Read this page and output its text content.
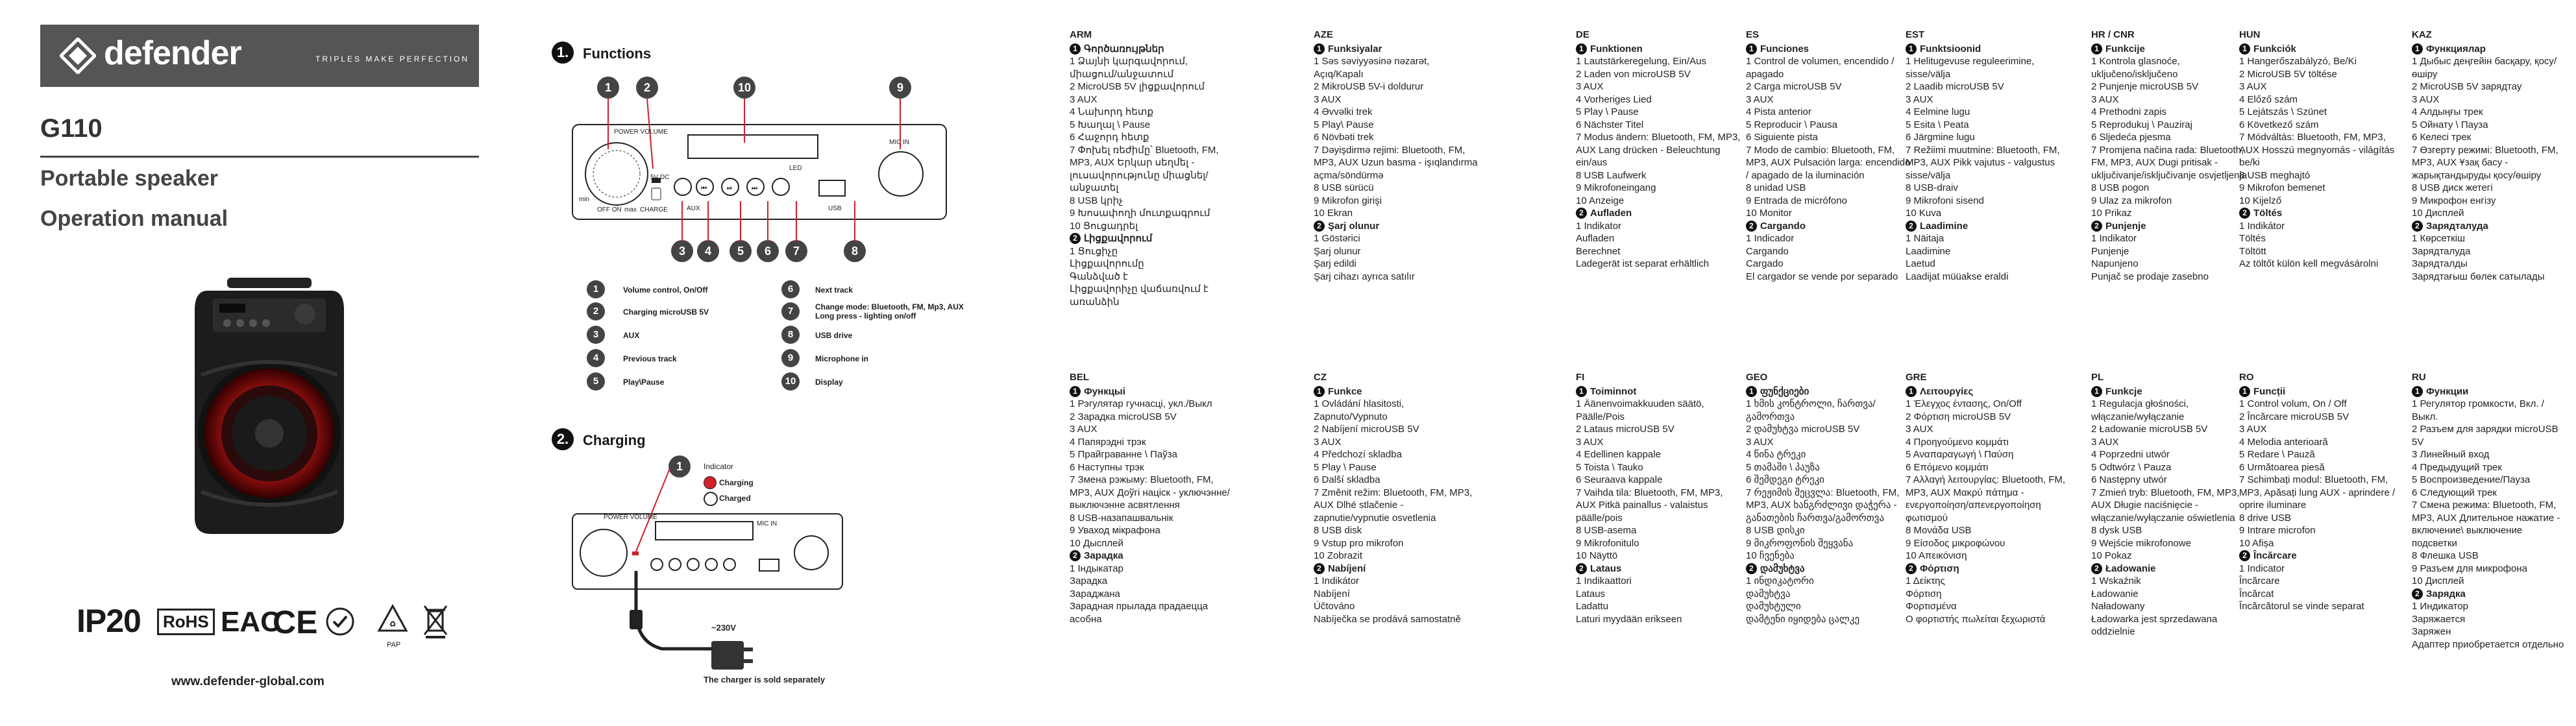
defender	TRIPLES MAKE PERFECTION
G110
Portable speaker
Operation manual
IP20	RoHS EAC
CE	♻
PAP
www.defender-global.com
1. Functions
⏮	⏯	⏭
POWER VOLUME
min
max
OFF ON	CHARGE
5V DC
AUX	USB
LED
MIC IN
1	2	10	9
3	4	5	6	7	8
1	Volume control, On/Off
2	Charging microUSB 5V
3	AUX
4	Previous track
5	Play\Pause
6	Next track
7	Change mode: Bluetooth, FM, Mp3, AUX Long press - lighting on/off
8	USB drive
9	Microphone in
10	Display
2. Charging
MIC IN
POWER VOLUME
1	Indicator
Charging
Charged
~230V
The charger is sold separately
ARM
1 Գործառույթներ
1 Ձայնի կարգավորում, միացում/անջատում
2 MicroUSB 5V լիցքավորում
3 AUX
4 Նախորդ հետք
5 Խաղալ \ Pause
6 Հաջորդ հետք
7 Փոխել ռեժիմը՝ Bluetooth, FM, MP3, AUX Երկար սեղմել - լուսավորությունը միացնել/անջատել
8 USB կրիչ
9 Խոսափողի մուտքագրում
10 Ցուցադրել
2 Լիցքավորում
1 Ցուցիչը
Լիցքավորումը
Գանձված է
Լիցքավորիչը վաճառվում է առանձին
AZE
1 Funksiyalar
1 Səs səviyyəsinə nəzarət, Açıq/Kapalı
2 MikroUSB 5V-i doldurur
3 AUX
4 Əvvəlki trek
5 Play\ Pause
6 Növbəti trek
7 Dəyişdirmə rejimi: Bluetooth, FM, MP3, AUX Uzun basma - işıqlandırma açma/söndürmə
8 USB sürücü
9 Mikrofon girişi
10 Ekran
2 Şarj olunur
1 Göstərici
Şarj olunur
Şarj edildi
Şarj cihazı ayrıca satılır
DE
1 Funktionen
1 Lautstärkeregelung, Ein/Aus
2 Laden von microUSB 5V
3 AUX
4 Vorheriges Lied
5 Play \ Pause
6 Nächster Titel
7 Modus ändern: Bluetooth, FM, MP3, AUX Lang drücken - Beleuchtung ein/aus
8 USB Laufwerk
9 Mikrofoneingang
10 Anzeige
2 Aufladen
1 Indikator
Aufladen
Berechnet
Ladegerät ist separat erhältlich
ES
1 Funciones
1 Control de volumen, encendido / apagado
2 Carga microUSB 5V
3 AUX
4 Pista anterior
5 Reproducir \ Pausa
6 Siguiente pista
7 Modo de cambio: Bluetooth, FM, MP3, AUX Pulsación larga: encendido / apagado de la iluminación
8 unidad USB
9 Entrada de micrófono
10 Monitor
2 Cargando
1 Indicador
Cargando
Cargado
El cargador se vende por separado
EST
1 Funktsioonid
1 Helitugevuse reguleerimine, sisse/välja
2 Laadib microUSB 5V
3 AUX
4 Eelmine lugu
5 Esita \ Peata
6 Järgmine lugu
7 Režiimi muutmine: Bluetooth, FM, MP3, AUX Pikk vajutus - valgustus sisse/välja
8 USB-draiv
9 Mikrofoni sisend
10 Kuva
2 Laadimine
1 Näitaja
Laadimine
Laetud
Laadijat müüakse eraldi
HR / CNR
1 Funkcije
1 Kontrola glasnoće, uključeno/isključeno
2 Punjenje microUSB 5V
3 AUX
4 Prethodni zapis
5 Reprodukuj \ Pauziraj
6 Sljedeća pjesma
7 Promjena načina rada: Bluetooth, FM, MP3, AUX Dugi pritisak - uključivanje/isključivanje osvjetljenja
8 USB pogon
9 Ulaz za mikrofon
10 Prikaz
2 Punjenje
1 Indikator
Punjenje
Napunjeno
Punjač se prodaje zasebno
HUN
1 Funkciók
1 Hangerőszabályzó, Be/Ki
2 MicroUSB 5V töltése
3 AUX
4 Előző szám
5 Lejátszás \ Szünet
6 Következő szám
7 Módváltás: Bluetooth, FM, MP3, AUX Hosszú megnyomás - világítás be/ki
8 USB meghajtó
9 Mikrofon bemenet
10 Kijelző
2 Töltés
1 Indikátor
Töltés
Töltött
Az töltőt külön kell megvásárolni
KAZ
1 Функциялар
1 Дыбыс деңгейін басқару, қосу/өшіру
2 MicroUSB 5V зарядтау
3 AUX
4 Алдыңғы трек
5 Ойнату \ Пауза
6 Келесі трек
7 Өзгерту режимі: Bluetooth, FM, MP3, AUX Ұзақ басу - жарықтандыруды қосу/өшіру
8 USB диск жетегі
9 Микрофон енгізу
10 Дисплей
2 Зарядталуда
1 Көрсеткіш
Зарядталуда
Зарядталды
Зарядтағыш бөлек сатылады
BEL
1 Функцыі
1 Рэгулятар гучнасці, укл./Выкл
2 Зарадка microUSB 5V
3 AUX
4 Папярэдні трэк
5 Прайграванне \ Паўза
6 Наступны трэк
7 Змена рэжыму: Bluetooth, FM, MP3, AUX Доўгі націск - уключэнне/выключэнне асвятлення
8 USB-назапашвальнік
9 Уваход мікрафона
10 Дысплей
2 Зарадка
1 Індыкатар
Зарадка
Зараджана
Зарадная прылада прадаецца асобна
CZ
1 Funkce
1 Ovládání hlasitosti, Zapnuto/Vypnuto
2 Nabíjení microUSB 5V
3 AUX
4 Předchozí skladba
5 Play \ Pause
6 Další skladba
7 Změnit režim: Bluetooth, FM, MP3, AUX Dlhé stlačenie - zapnutie/vypnutie osvetlenia
8 USB disk
9 Vstup pro mikrofon
10 Zobrazit
2 Nabíjení
1 Indikátor
Nabíjení
Účtováno
Nabíječka se prodává samostatně
FI
1 Toiminnot
1 Äänenvoimakkuuden säätö, Päälle/Pois
2 Lataus microUSB 5V
3 AUX
4 Edellinen kappale
5 Toista \ Tauko
6 Seuraava kappale
7 Vaihda tila: Bluetooth, FM, MP3, AUX Pitkä painallus - valaistus päälle/pois
8 USB-asema
9 Mikrofonitulo
10 Näyttö
2 Lataus
1 Indikaattori
Lataus
Ladattu
Laturi myydään erikseen
GEO
1 ფუნქციები
1 ხმის კონტროლი, ჩართვა/გამორთვა
2 დამუხტვა microUSB 5V
3 AUX
4 წინა ტრეკი
5 თამაში \ პაუზა
6 შემდეგი ტრეკი
7 რეჟიმის შეცვლა: Bluetooth, FM, MP3, AUX ხანგრძლივი დაჭერა - განათების ჩართვა/გამორთვა
8 USB დისკი
9 მიკროფონის შეყვანა
10 ჩვენება
2 დამუხტვა
1 ინდიკატორი
დამუხტვა
დამუხტული
დამტენი იყიდება ცალკე
GRE
1 Λειτουργίες
1 Έλεγχος έντασης, On/Off
2 Φόρτιση microUSB 5V
3 AUX
4 Προηγούμενο κομμάτι
5 Αναπαραγωγή \ Παύση
6 Επόμενο κομμάτι
7 Αλλαγή λειτουργίας: Bluetooth, FM, MP3, AUX Μακρύ πάτημα - ενεργοποίηση/απενεργοποίηση φωτισμού
8 Μονάδα USB
9 Είσοδος μικροφώνου
10 Απεικόνιση
2 Φόρτιση
1 Δείκτης
Φόρτιση
Φορτισμένα
Ο φορτιστής πωλείται ξεχωριστά
PL
1 Funkcje
1 Regulacja głośności, włączanie/wyłączanie
2 Ładowanie microUSB 5V
3 AUX
4 Poprzedni utwór
5 Odtwórz \ Pauza
6 Następny utwór
7 Zmień tryb: Bluetooth, FM, MP3, AUX Długie naciśnięcie - włączanie/wyłączanie oświetlenia
8 dysk USB
9 Wejście mikrofonowe
10 Pokaz
2 Ładowanie
1 Wskaźnik
Ładowanie
Naładowany
Ładowarka jest sprzedawana oddzielnie
RO
1 Funcții
1 Control volum, On / Off
2 Încărcare microUSB 5V
3 AUX
4 Melodia anterioară
5 Redare \ Pauză
6 Următoarea piesă
7 Schimbați modul: Bluetooth, FM, MP3, Apăsați lung AUX - aprindere / oprire iluminare
8 drive USB
9 Intrare microfon
10 Afișa
2 Încărcare
1 Indicator
Încărcare
Încărcat
Încărcătorul se vinde separat
RU
1 Функции
1 Регулятор громкости, Вкл. / Выкл.
2 Разъем для зарядки microUSB 5V
3 Линейный вход
4 Предыдущий трек
5 Воспроизведение/Пауза
6 Следующий трек
7 Смена режима: Bluetooth, FM, MP3, AUX Длительное нажатие - включение\ выключение подсветки
8 Флешка USB
9 Разъем для микрофона
10 Дисплей
2 Зарядка
1 Индикатор
Заряжается
Заряжен
Адаптер приобретается отдельно
